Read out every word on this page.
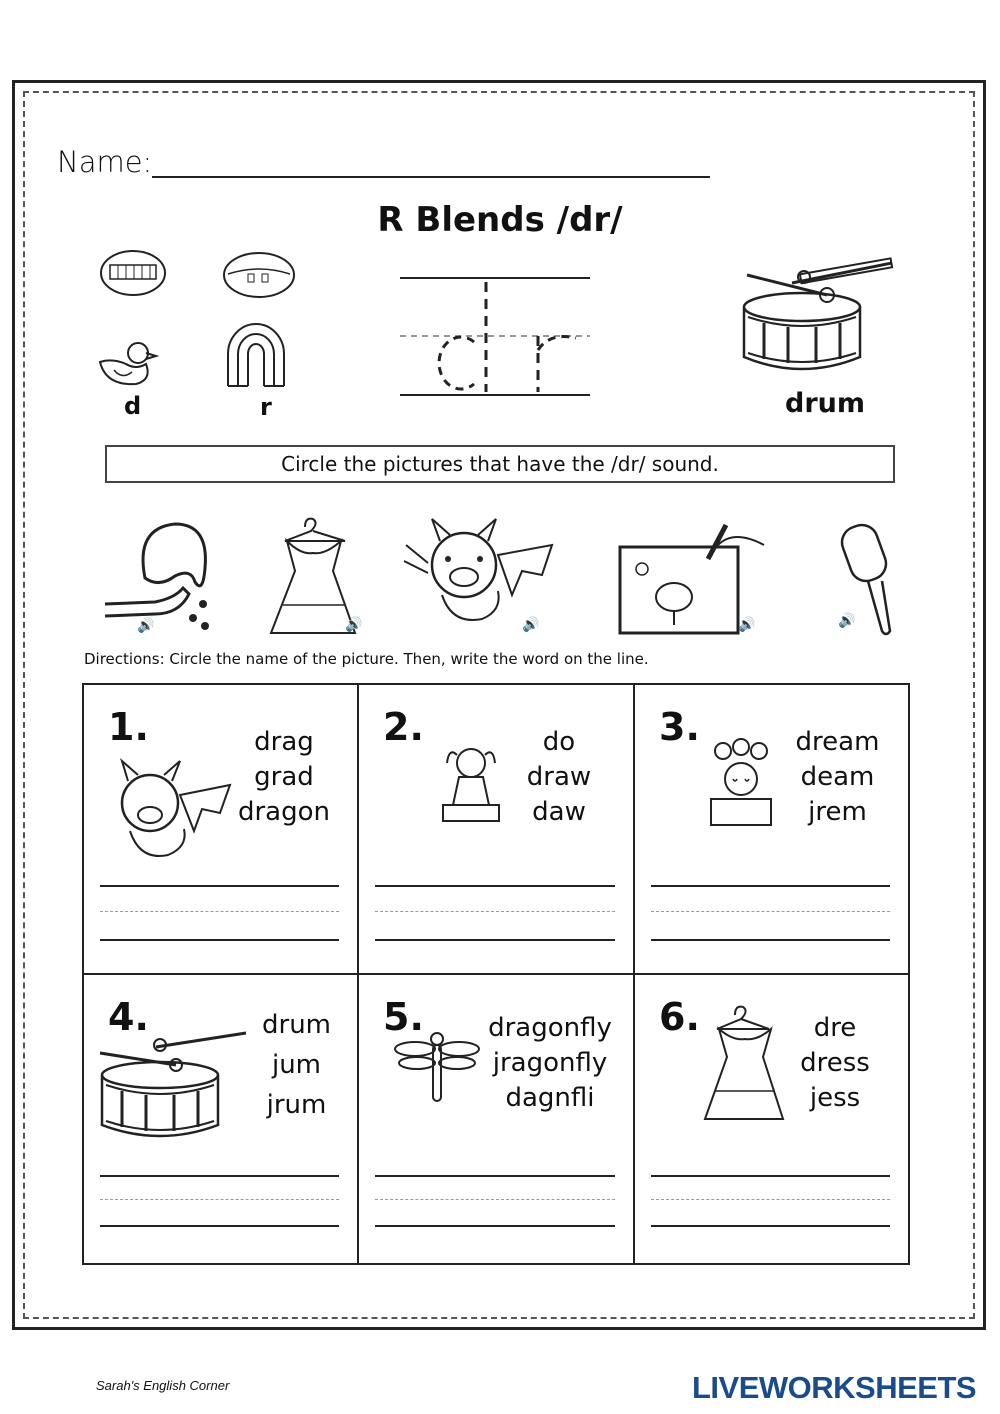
Name:
R Blends /dr/
d	r
dr
drum
Circle the pictures that have the /dr/ sound.
🔊	🔊	🔊	🔊	🔊
Directions: Circle the name of the picture. Then, write the word on the line.
1.	drag
grad
dragon
2.	do
draw
daw
3.	dream
deam
jrem
4.	drum
jum
jrum
5.	dragonfly
jragonfly
dagnfli
6.	dre
dress
jess
Sarah's English Corner	LIVEWORKSHEETS
